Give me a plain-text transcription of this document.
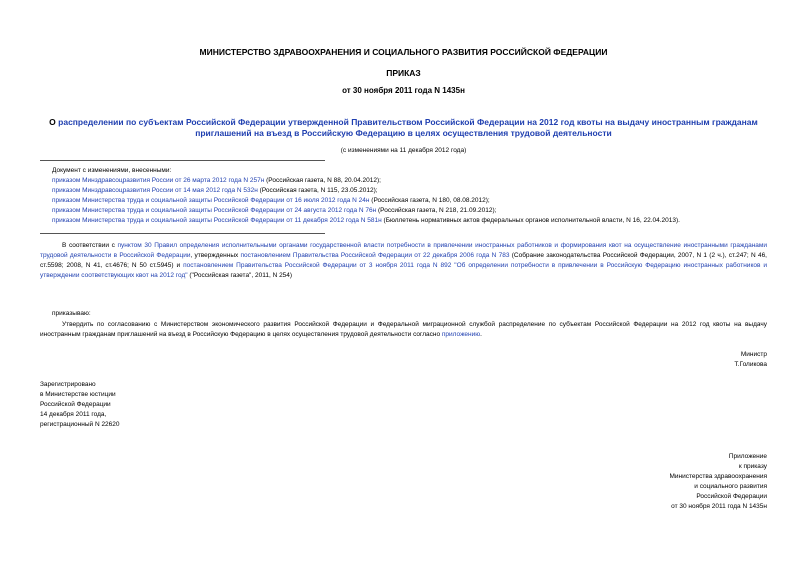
МИНИСТЕРСТВО ЗДРАВООХРАНЕНИЯ И СОЦИАЛЬНОГО РАЗВИТИЯ РОССИЙСКОЙ ФЕДЕРАЦИИ
ПРИКАЗ
от 30 ноября 2011 года N 1435н
О распределении по субъектам Российской Федерации утвержденной Правительством Российской Федерации на 2012 год квоты на выдачу иностранным гражданам приглашений на въезд в Российскую Федерацию в целях осуществления трудовой деятельности
(с изменениями на 11 декабря 2012 года)
Документ с изменениями, внесенными:
приказом Минздравсоцразвития России от 26 марта 2012 года N 257н (Российская газета, N 88, 20.04.2012);
приказом Минздравсоцразвития России от 14 мая 2012 года N 532н (Российская газета, N 115, 23.05.2012);
приказом Министерства труда и социальной защиты Российской Федерации от 16 июля 2012 года N 24н (Российская газета, N 180, 08.08.2012);
приказом Министерства труда и социальной защиты Российской Федерации от 24 августа 2012 года N 76н (Российская газета, N 218, 21.09.2012);
приказом Министерства труда и социальной защиты Российской Федерации от 11 декабря 2012 года N 581н (Бюллетень нормативных актов федеральных органов исполнительной власти, N 16, 22.04.2013).
В соответствии с пунктом 30 Правил определения исполнительными органами государственной власти потребности в привлечении иностранных работников и формирования квот на осуществление иностранными гражданами трудовой деятельности в Российской Федерации, утвержденных постановлением Правительства Российской Федерации от 22 декабря 2006 года N 783 (Собрание законодательства Российской Федерации, 2007, N 1 (2 ч.), ст.247; N 46, ст.5598; 2008, N 41, ст.4676; N 50 ст.5945) и постановлением Правительства Российской Федерации от 3 ноября 2011 года N 892 "Об определении потребности в привлечении в Российскую Федерацию иностранных работников и утверждении соответствующих квот на 2012 год" ("Российская газета", 2011, N 254)
приказываю:
Утвердить по согласованию с Министерством экономического развития Российской Федерации и Федеральной миграционной службой распределение по субъектам Российской Федерации на 2012 год квоты на выдачу иностранным гражданам приглашений на въезд в Российскую Федерацию в целях осуществления трудовой деятельности согласно приложению.
Министр
Т.Голикова
Зарегистрировано
в Министерстве юстиции
Российской Федерации
14 декабря 2011 года,
регистрационный N 22620
Приложение
к приказу
Министерства здравоохранения
и социального развития
Российской Федерации
от 30 ноября 2011 года N 1435н
